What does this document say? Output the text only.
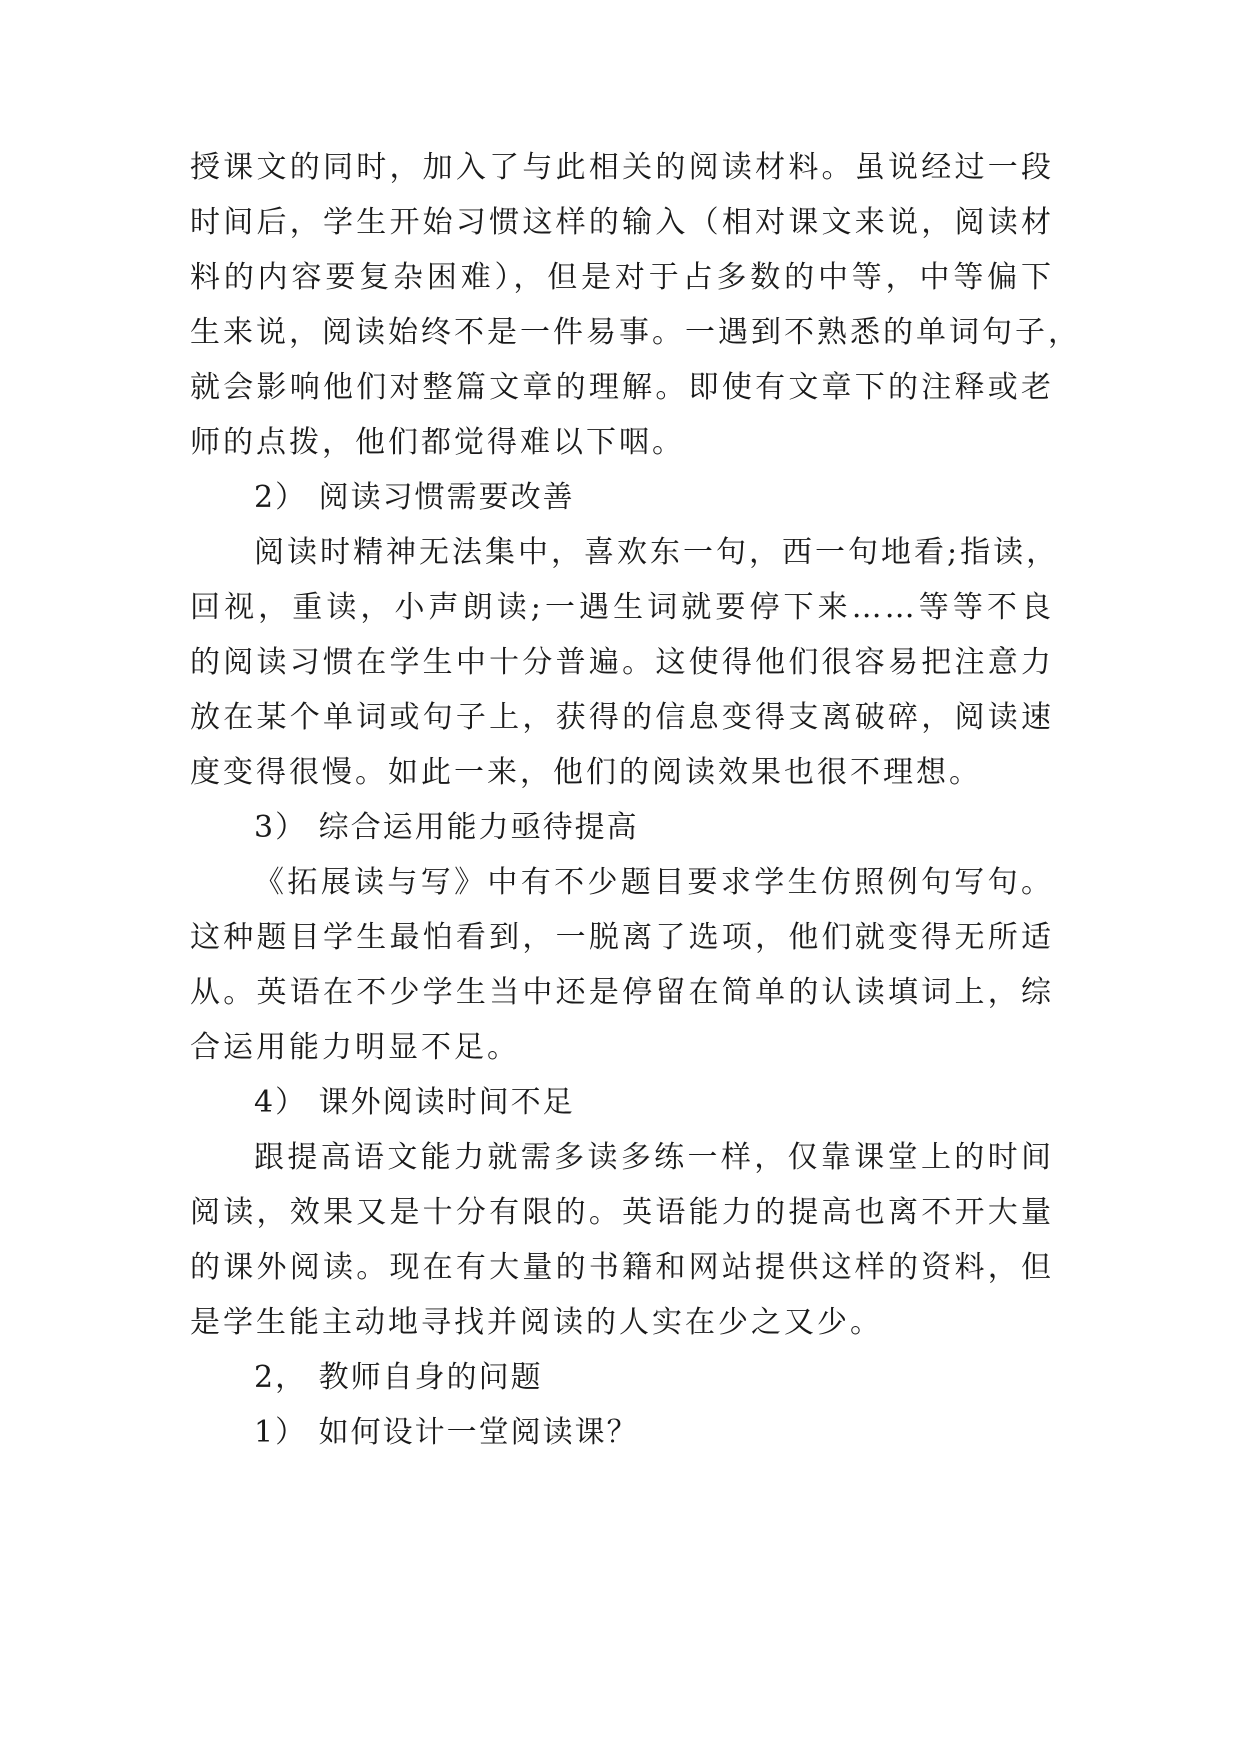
授课文的同时，加入了与此相关的阅读材料。虽说经过一段
时间后，学生开始习惯这样的输入（相对课文来说，阅读材
料的内容要复杂困难），但是对于占多数的中等，中等偏下
生来说，阅读始终不是一件易事。一遇到不熟悉的单词句子，
就会影响他们对整篇文章的理解。即使有文章下的注释或老
师的点拨，他们都觉得难以下咽。
2） 阅读习惯需要改善
阅读时精神无法集中，喜欢东一句，西一句地看;指读，
回视，重读，小声朗读;一遇生词就要停下来……等等不良
的阅读习惯在学生中十分普遍。这使得他们很容易把注意力
放在某个单词或句子上，获得的信息变得支离破碎，阅读速
度变得很慢。如此一来，他们的阅读效果也很不理想。
3） 综合运用能力亟待提高
《拓展读与写》中有不少题目要求学生仿照例句写句。
这种题目学生最怕看到，一脱离了选项，他们就变得无所适
从。英语在不少学生当中还是停留在简单的认读填词上，综
合运用能力明显不足。
4） 课外阅读时间不足
跟提高语文能力就需多读多练一样，仅靠课堂上的时间
阅读，效果又是十分有限的。英语能力的提高也离不开大量
的课外阅读。现在有大量的书籍和网站提供这样的资料，但
是学生能主动地寻找并阅读的人实在少之又少。
2， 教师自身的问题
1） 如何设计一堂阅读课？
